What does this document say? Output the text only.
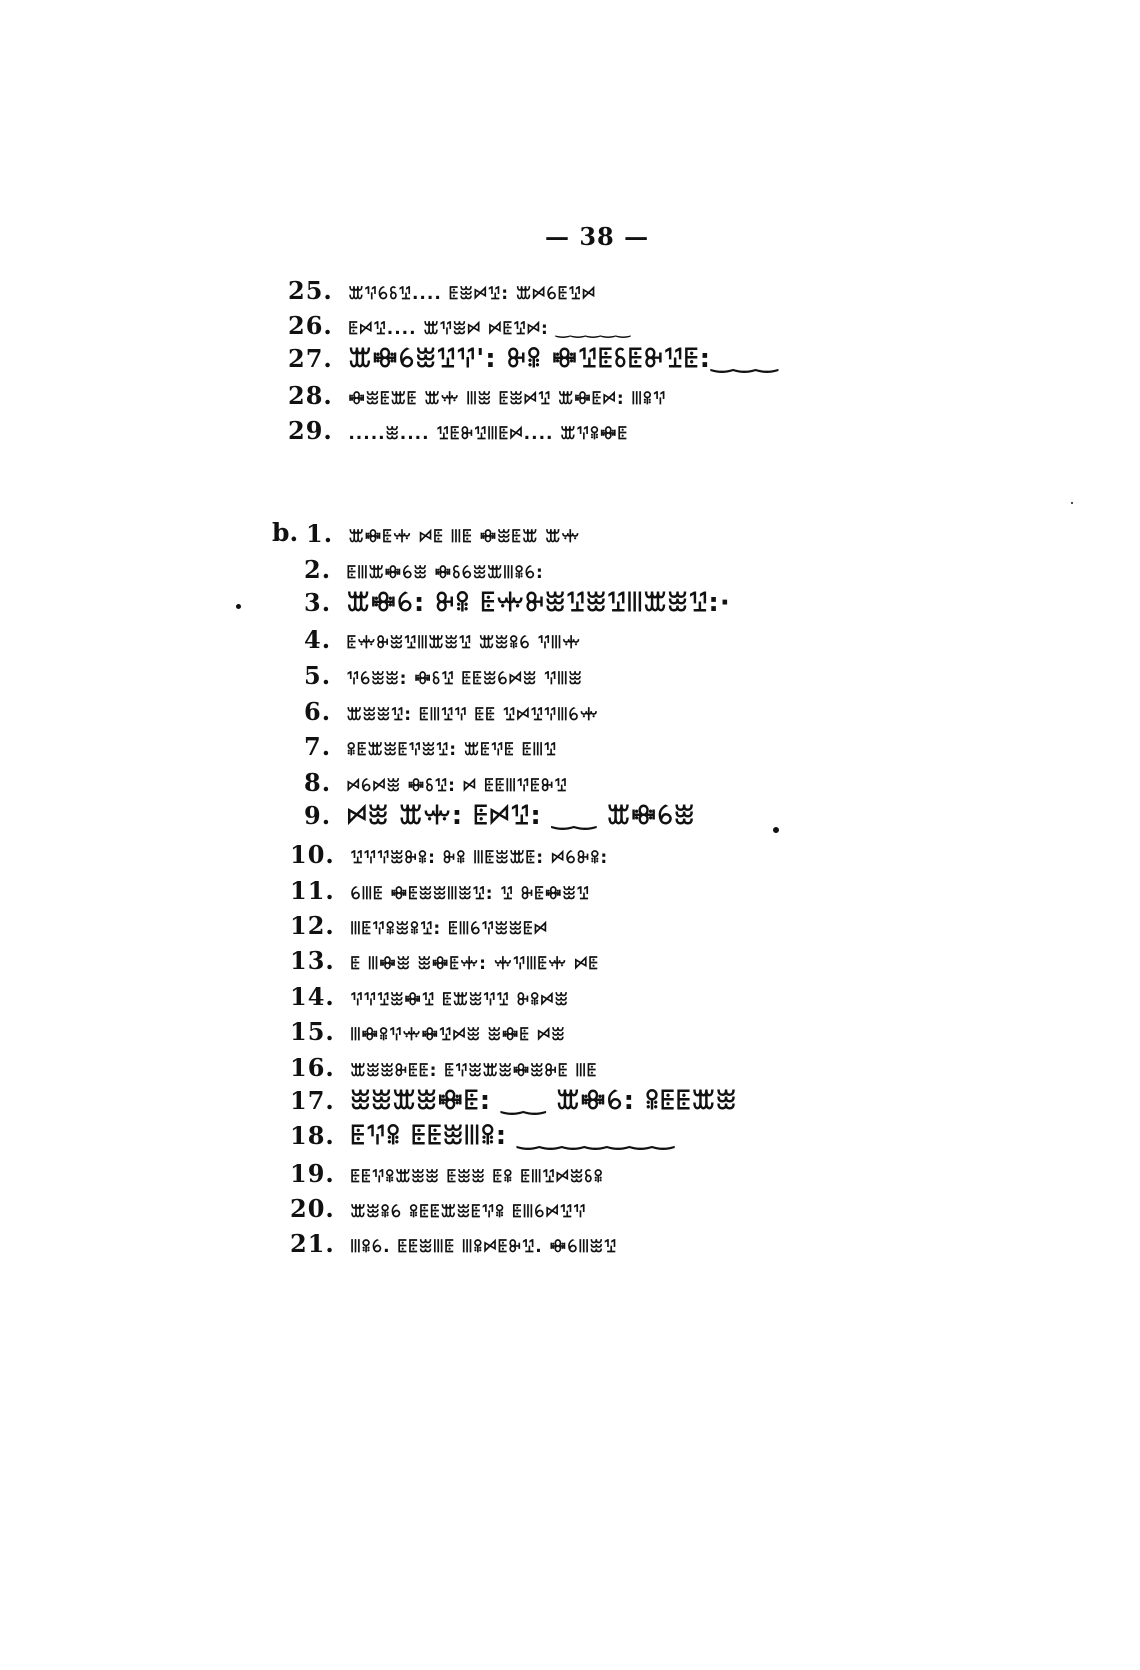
— 38 —
25. ꕭꖬꕃꗏꖮ.... ꗍꖿꗯꖮ: ꕭꗯꕃꗍꖮꗯ
26. ꗍꗯꖮ.... ꕭꖬꖿꗯ ꗯꗍꖮꗯ: ‿‿‿‿‿
27. ꕭꗴꕃꖿꖮꖬ': ꔬꕉ ꗴꖮꗍꗏꗍꔬꖮꗍ:‿‿‿
28. ꗴꖿꗍꕭꗍ ꕭꗼ ꔖꖿ ꗍꖿꗯꖮ ꕭꗴꗍꗯ: ꔖꕉꖬ
29. .....ꖿ.... ꖮꗍꔬꖮꔖꗍꗯ.... ꕭꖬꕉꗴꗍ
b. 1. ꕭꗴꗍꗼ ꗯꗍ ꔖꗍ ꗴꖿꗍꕭ ꕭꗼ
2. ꗍꔖꕭꗴꕃꖿ ꗴꗏꕃꖿꕭꔖꕉꕃ:
3. ꕭꗴꕃ: ꔬꕉ ꗍꗼꔬꖿꖮꖿꖮꔖꕭꖿꖮ:·
4. ꗍꗼꔬꖿꖮꔖꕭꖿꖮ ꕭꖿꕉꕃ ꖬꔖꗼ
5. ꖬꕃꖿꖿ: ꗴꗏꖮ ꗍꗍꖿꕃꗯꖿ ꖬꔖꖿ
6. ꕭꖿꖿꖮ: ꗍꔖꖮꖬ ꗍꗍ ꖮꗯꖮꖬꔖꕃꗼ
7. ꕉꗍꕭꖿꗍꖬꖿꖮ: ꕭꗍꖬꗍ ꗍꔖꖮ
8. ꗯꕃꗯꖿ ꗴꗏꖮ: ꗯ ꗍꗍꔖꖬꗍꔬꖮ
9. ꗯꖿ ꕭꗼ: ꗍꗯꖮ: ‿‿ ꕭꗴꕃꖿ
10. ꖮꖬꖬꖿꔬꕉ: ꔬꕉ ꔖꗍꖿꕭꗍ: ꗯꕃꔬꕉ:
11. ꕃꔖꗍ ꗴꗍꖿꖿꔖꖿꖮ: ꖮ ꔬꗍꗴꖿꖮ
12. ꔖꗍꖬꕉꖿꕉꖮ: ꗍꔖꕃꖬꖿꖿꗍꗯ
13. ꗍ ꔖꗴꖿ ꖿꗴꗍꗼ: ꗼꖬꔖꗍꗼ ꗯꗍ
14. ꖬꖬꖮꖿꗴꖮ ꗍꕭꖿꖬꖮ ꔬꕉꗯꖿ
15. ꔖꗴꕉꖬꗼꗴꖮꗯꖿ ꖿꗴꗍ ꗯꖿ
16. ꕭꖿꖿꔬꗍꗍ: ꗍꖬꖿꕭꖿꗴꖿꔬꗍ ꔖꗍ
17. ꖿꖿꕭꖿꗴꗍ: ‿‿ ꕭꗴꕃ: ꕉꗍꗍꕭꖿ
18. ꗍꖬꕉ ꗍꗍꖿꔖꕉ: ‿‿‿‿‿‿‿
19. ꗍꗍꖬꕉꕭꖿꖿ ꗍꖿꖿ ꗍꕉ ꗍꔖꖮꗯꖿꗏꕉ
20. ꕭꖿꕉꕃ ꕉꗍꗍꕭꖿꗍꖬꕉ ꗍꔖꕃꗯꖮꖬ
21. ꔖꕉꕃ. ꗍꗍꖿꔖꗍ ꔖꕉꗯꗍꔬꖮ. ꗴꕃꔖꖿꖮ
